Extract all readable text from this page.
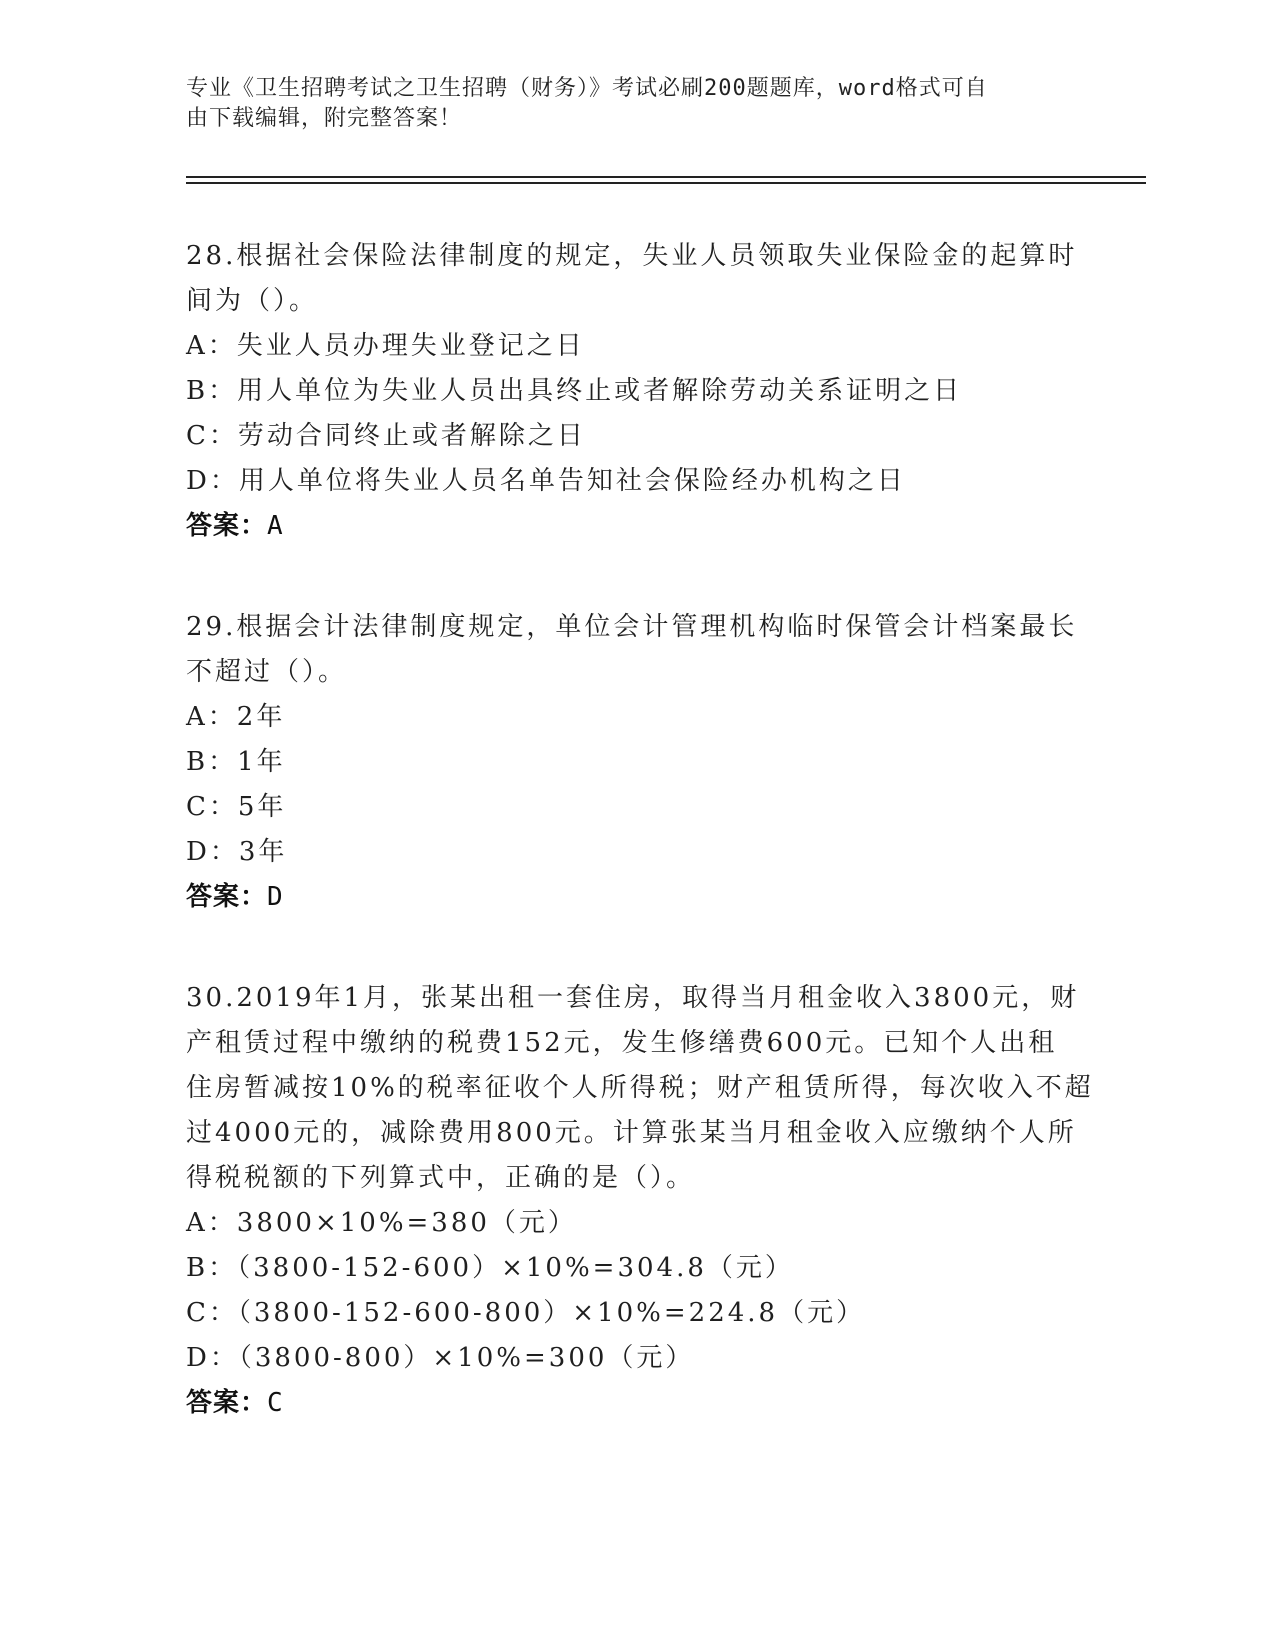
专业《卫生招聘考试之卫生招聘（财务）》考试必刷200题题库，word格式可自
由下载编辑，附完整答案！
28.根据社会保险法律制度的规定，失业人员领取失业保险金的起算时
间为（）。
A：失业人员办理失业登记之日
B：用人单位为失业人员出具终止或者解除劳动关系证明之日
C：劳动合同终止或者解除之日
D：用人单位将失业人员名单告知社会保险经办机构之日
答案：A
29.根据会计法律制度规定，单位会计管理机构临时保管会计档案最长
不超过（）。
A：2年
B：1年
C：5年
D：3年
答案：D
30.2019年1月，张某出租一套住房，取得当月租金收入3800元，财
产租赁过程中缴纳的税费152元，发生修缮费600元。已知个人出租
住房暂减按10%的税率征收个人所得税；财产租赁所得，每次收入不超
过4000元的，减除费用800元。计算张某当月租金收入应缴纳个人所
得税税额的下列算式中，正确的是（）。
A：3800×10%=380（元）
B：（3800-152-600）×10%=304.8（元）
C：（3800-152-600-800）×10%=224.8（元）
D：（3800-800）×10%=300（元）
答案：C
